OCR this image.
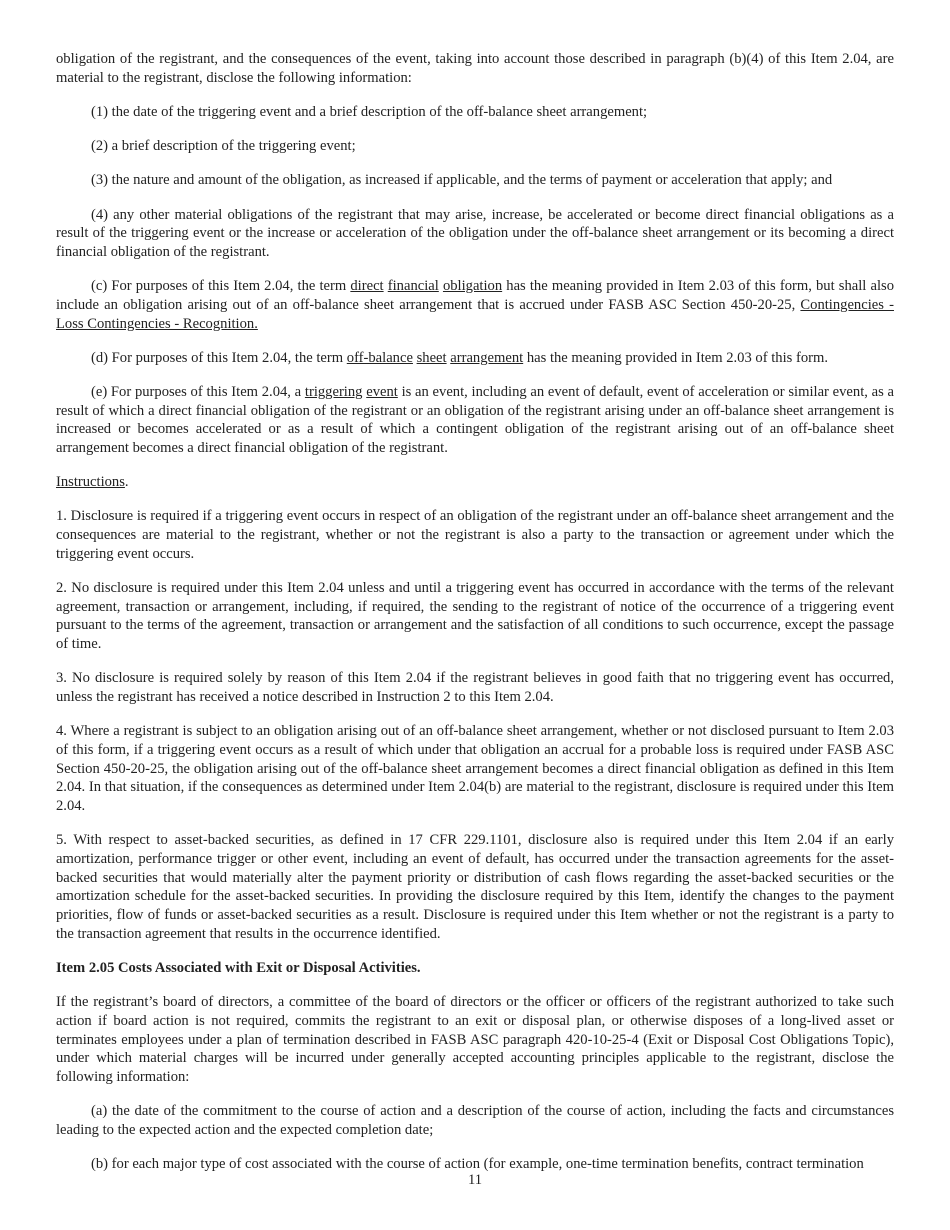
obligation of the registrant, and the consequences of the event, taking into account those described in paragraph (b)(4) of this Item 2.04, are material to the registrant, disclose the following information:

(1) the date of the triggering event and a brief description of the off-balance sheet arrangement;

(2) a brief description of the triggering event;

(3) the nature and amount of the obligation, as increased if applicable, and the terms of payment or acceleration that apply; and

(4) any other material obligations of the registrant that may arise, increase, be accelerated or become direct financial obligations as a result of the triggering event or the increase or acceleration of the obligation under the off-balance sheet arrangement or its becoming a direct financial obligation of the registrant.

(c) For purposes of this Item 2.04, the term direct financial obligation has the meaning provided in Item 2.03 of this form, but shall also include an obligation arising out of an off-balance sheet arrangement that is accrued under FASB ASC Section 450-20-25, Contingencies - Loss Contingencies - Recognition.

(d) For purposes of this Item 2.04, the term off-balance sheet arrangement has the meaning provided in Item 2.03 of this form.

(e) For purposes of this Item 2.04, a triggering event is an event, including an event of default, event of acceleration or similar event, as a result of which a direct financial obligation of the registrant or an obligation of the registrant arising under an off-balance sheet arrangement is increased or becomes accelerated or as a result of which a contingent obligation of the registrant arising out of an off-balance sheet arrangement becomes a direct financial obligation of the registrant.

Instructions.

1. Disclosure is required if a triggering event occurs in respect of an obligation of the registrant under an off-balance sheet arrangement and the consequences are material to the registrant, whether or not the registrant is also a party to the transaction or agreement under which the triggering event occurs.

2. No disclosure is required under this Item 2.04 unless and until a triggering event has occurred in accordance with the terms of the relevant agreement, transaction or arrangement, including, if required, the sending to the registrant of notice of the occurrence of a triggering event pursuant to the terms of the agreement, transaction or arrangement and the satisfaction of all conditions to such occurrence, except the passage of time.

3. No disclosure is required solely by reason of this Item 2.04 if the registrant believes in good faith that no triggering event has occurred, unless the registrant has received a notice described in Instruction 2 to this Item 2.04.

4. Where a registrant is subject to an obligation arising out of an off-balance sheet arrangement, whether or not disclosed pursuant to Item 2.03 of this form, if a triggering event occurs as a result of which under that obligation an accrual for a probable loss is required under FASB ASC Section 450-20-25, the obligation arising out of the off-balance sheet arrangement becomes a direct financial obligation as defined in this Item 2.04. In that situation, if the consequences as determined under Item 2.04(b) are material to the registrant, disclosure is required under this Item 2.04.

5. With respect to asset-backed securities, as defined in 17 CFR 229.1101, disclosure also is required under this Item 2.04 if an early amortization, performance trigger or other event, including an event of default, has occurred under the transaction agreements for the asset-backed securities that would materially alter the payment priority or distribution of cash flows regarding the asset-backed securities or the amortization schedule for the asset-backed securities. In providing the disclosure required by this Item, identify the changes to the payment priorities, flow of funds or asset-backed securities as a result. Disclosure is required under this Item whether or not the registrant is a party to the transaction agreement that results in the occurrence identified.

Item 2.05 Costs Associated with Exit or Disposal Activities.

If the registrant’s board of directors, a committee of the board of directors or the officer or officers of the registrant authorized to take such action if board action is not required, commits the registrant to an exit or disposal plan, or otherwise disposes of a long-lived asset or terminates employees under a plan of termination described in FASB ASC paragraph 420-10-25-4 (Exit or Disposal Cost Obligations Topic), under which material charges will be incurred under generally accepted accounting principles applicable to the registrant, disclose the following information:

(a) the date of the commitment to the course of action and a description of the course of action, including the facts and circumstances leading to the expected action and the expected completion date;

(b) for each major type of cost associated with the course of action (for example, one-time termination benefits, contract termination

11
